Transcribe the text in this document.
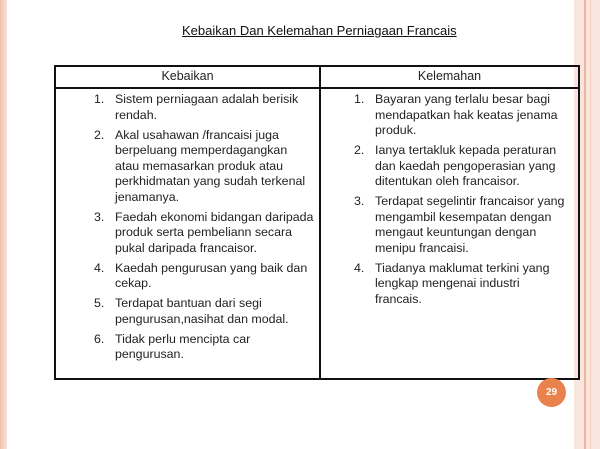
Kebaikan Dan Kelemahan Perniagaan Francais
Kebaikan	Kelemahan
1. Sistem perniagaan adalah berisik rendah.
2. Akal usahawan /francaisi juga berpeluang memperdagangkan atau memasarkan produk atau perkhidmatan yang sudah terkenal jenamanya.
3. Faedah ekonomi bidangan daripada produk serta pembeliann secara pukal daripada francaisor.
4. Kaedah pengurusan yang baik dan cekap.
5. Terdapat bantuan dari segi pengurusan,nasihat dan modal.
6. Tidak perlu mencipta car pengurusan.
1. Bayaran yang terlalu besar bagi mendapatkan hak keatas jenama produk.
2. Ianya tertakluk kepada peraturan dan kaedah pengoperasian yang ditentukan oleh francaisor.
3. Terdapat segelintir francaisor yang mengambil kesempatan dengan mengaut keuntungan dengan menipu francaisi.
4. Tiadanya maklumat terkini yang lengkap mengenai industri francais.
29
